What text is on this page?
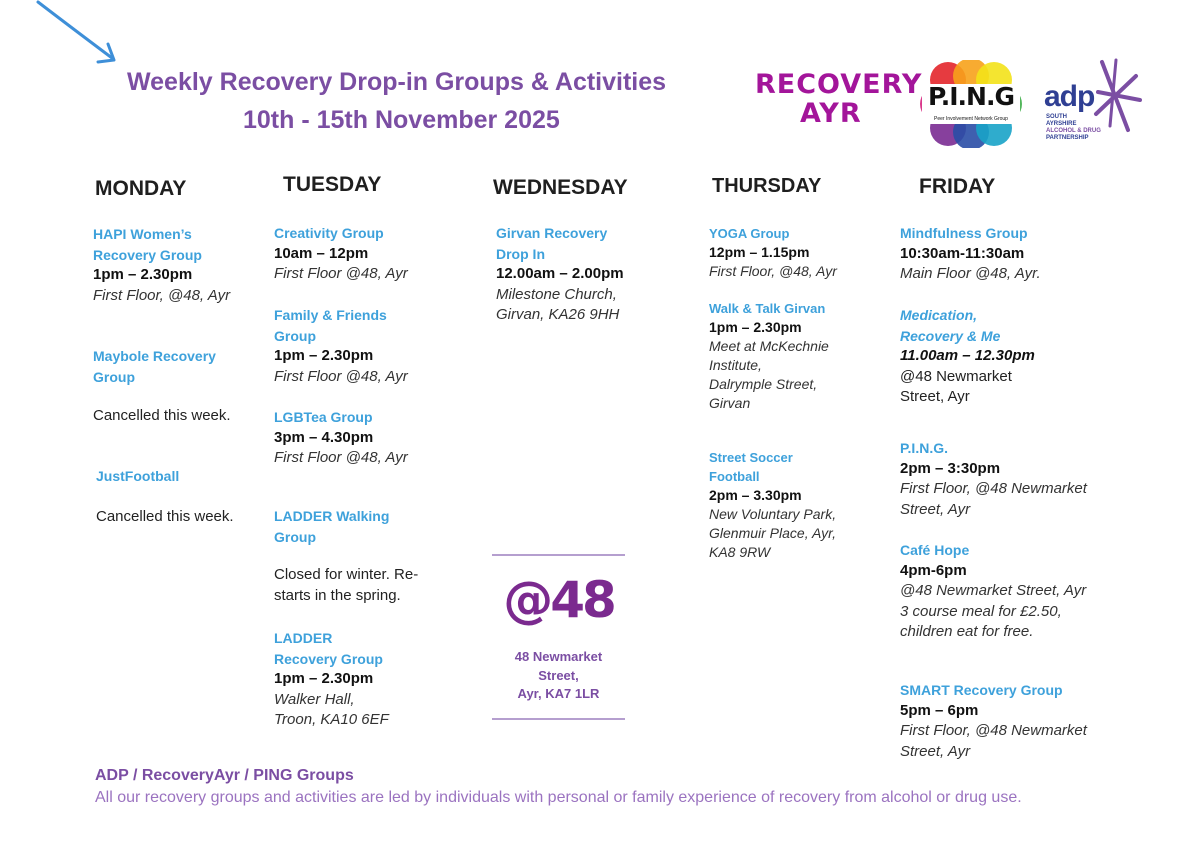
Weekly Recovery Drop-in Groups & Activities
10th - 15th November 2025
RECOVERY
AYR
P.I.N.G
Peer Involvement Network Group
adp
SOUTH
AYRSHIRE
ALCOHOL & DRUG
PARTNERSHIP
MONDAY	TUESDAY	WEDNESDAY	THURSDAY	FRIDAY
HAPI Women’s
Recovery Group
1pm – 2.30pm
First Floor, @48, Ayr
Maybole Recovery
Group
Cancelled this week.
JustFootball
Cancelled this week.
Creativity Group
10am – 12pm
First Floor @48, Ayr
Family & Friends
Group
1pm – 2.30pm
First Floor @48, Ayr
LGBTea Group
3pm – 4.30pm
First Floor @48, Ayr
LADDER Walking
Group
Closed for winter. Re-
starts in the spring.
LADDER
Recovery Group
1pm – 2.30pm
Walker Hall,
Troon, KA10 6EF
Girvan Recovery
Drop In
12.00am – 2.00pm
Milestone Church,
Girvan, KA26 9HH
@48
48 Newmarket
Street,
Ayr, KA7 1LR
YOGA Group
12pm – 1.15pm
First Floor, @48, Ayr
Walk & Talk Girvan
1pm – 2.30pm
Meet at McKechnie
Institute,
Dalrymple Street,
Girvan
Street Soccer
Football
2pm – 3.30pm
New Voluntary Park,
Glenmuir Place, Ayr,
KA8 9RW
Mindfulness Group
10:30am-11:30am
Main Floor @48, Ayr.
Medication,
Recovery & Me
11.00am – 12.30pm
@48 Newmarket
Street, Ayr
P.I.N.G.
2pm – 3:30pm
First Floor, @48 Newmarket
Street, Ayr
Café Hope
4pm-6pm
@48 Newmarket Street, Ayr
3 course meal for £2.50,
children eat for free.
SMART Recovery Group
5pm – 6pm
First Floor, @48 Newmarket
Street, Ayr
ADP / RecoveryAyr / PING Groups
All our recovery groups and activities are led by individuals with personal or family experience of recovery from alcohol or drug use.
